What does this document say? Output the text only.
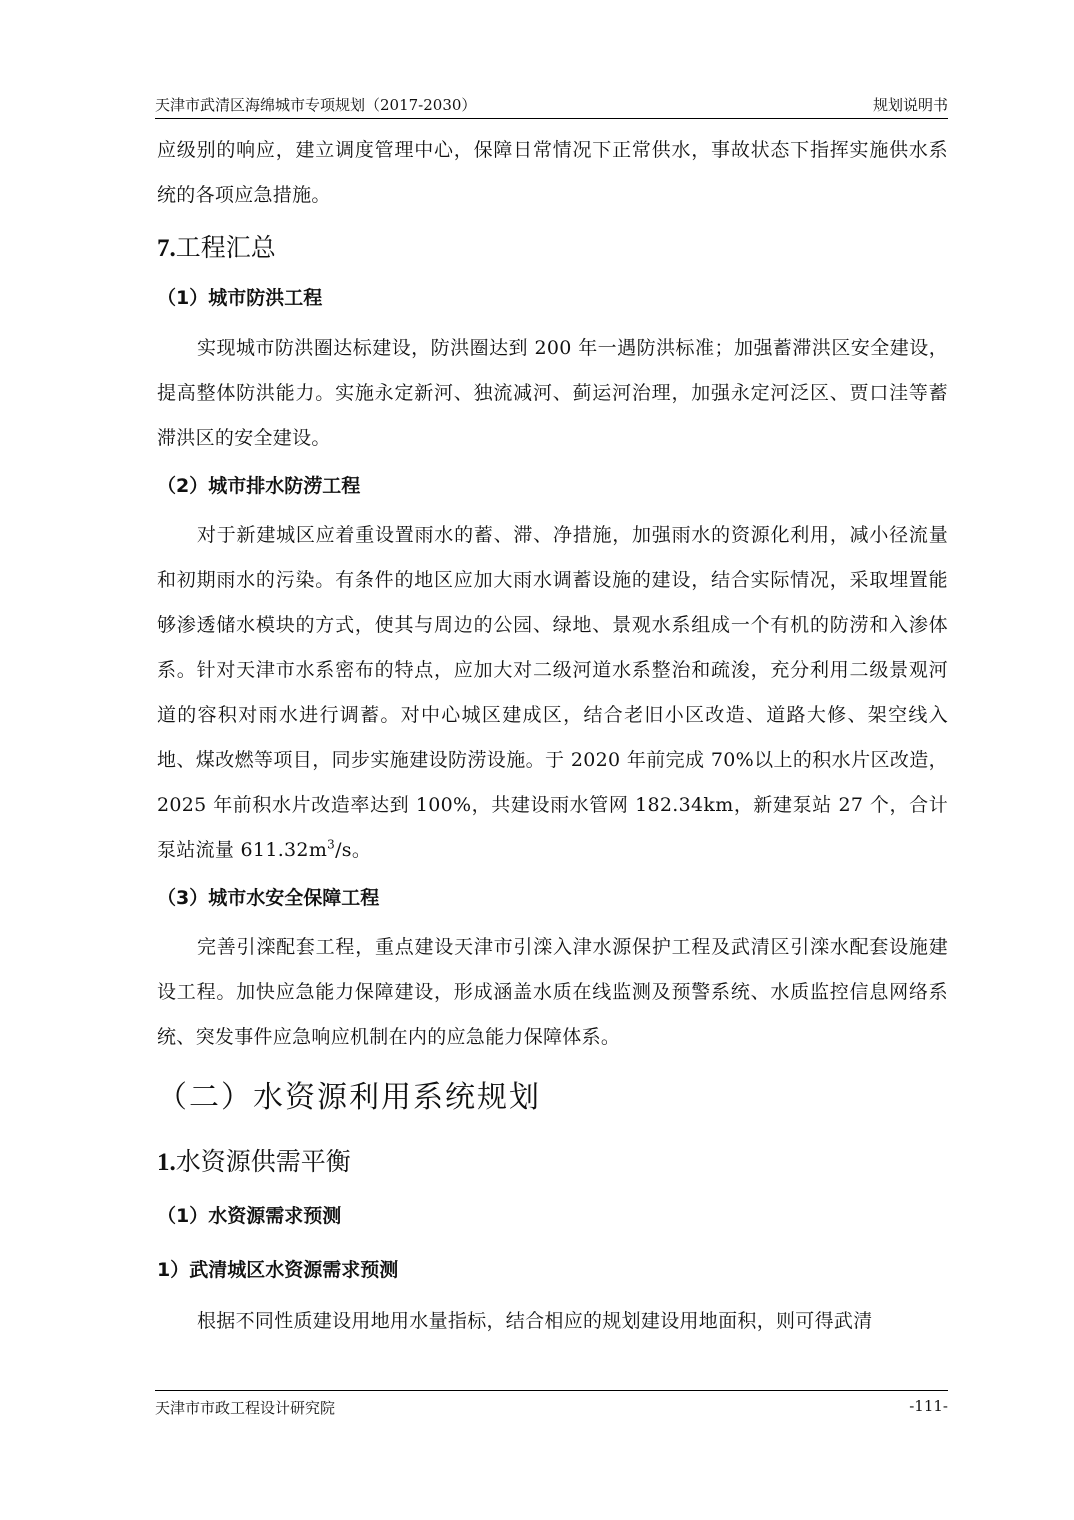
天津市武清区海绵城市专项规划（2017-2030）	规划说明书

应级别的响应，建立调度管理中心，保障日常情况下正常供水，事故状态下指挥实施供水系统的各项应急措施。

7.工程汇总
（1）城市防洪工程

实现城市防洪圈达标建设，防洪圈达到 200 年一遇防洪标准；加强蓄滞洪区安全建设，提高整体防洪能力。实施永定新河、独流减河、蓟运河治理，加强永定河泛区、贾口洼等蓄滞洪区的安全建设。

（2）城市排水防涝工程

对于新建城区应着重设置雨水的蓄、滞、净措施，加强雨水的资源化利用，减小径流量和初期雨水的污染。有条件的地区应加大雨水调蓄设施的建设，结合实际情况，采取埋置能够渗透储水模块的方式，使其与周边的公园、绿地、景观水系组成一个有机的防涝和入渗体系。针对天津市水系密布的特点，应加大对二级河道水系整治和疏浚，充分利用二级景观河道的容积对雨水进行调蓄。对中心城区建成区，结合老旧小区改造、道路大修、架空线入地、煤改燃等项目，同步实施建设防涝设施。于 2020 年前完成 70%以上的积水片区改造，2025 年前积水片改造率达到 100%，共建设雨水管网 182.34km，新建泵站 27 个，合计泵站流量 $611.32m^3/s$。

（3）城市水安全保障工程

完善引滦配套工程，重点建设天津市引滦入津水源保护工程及武清区引滦水配套设施建设工程。加快应急能力保障建设，形成涵盖水质在线监测及预警系统、水质监控信息网络系统、突发事件应急响应机制在内的应急能力保障体系。

（二）水资源利用系统规划
1.水资源供需平衡
（1）水资源需求预测
1）武清城区水资源需求预测

根据不同性质建设用地用水量指标，结合相应的规划建设用地面积，则可得武清

天津市市政工程设计研究院	-111-
